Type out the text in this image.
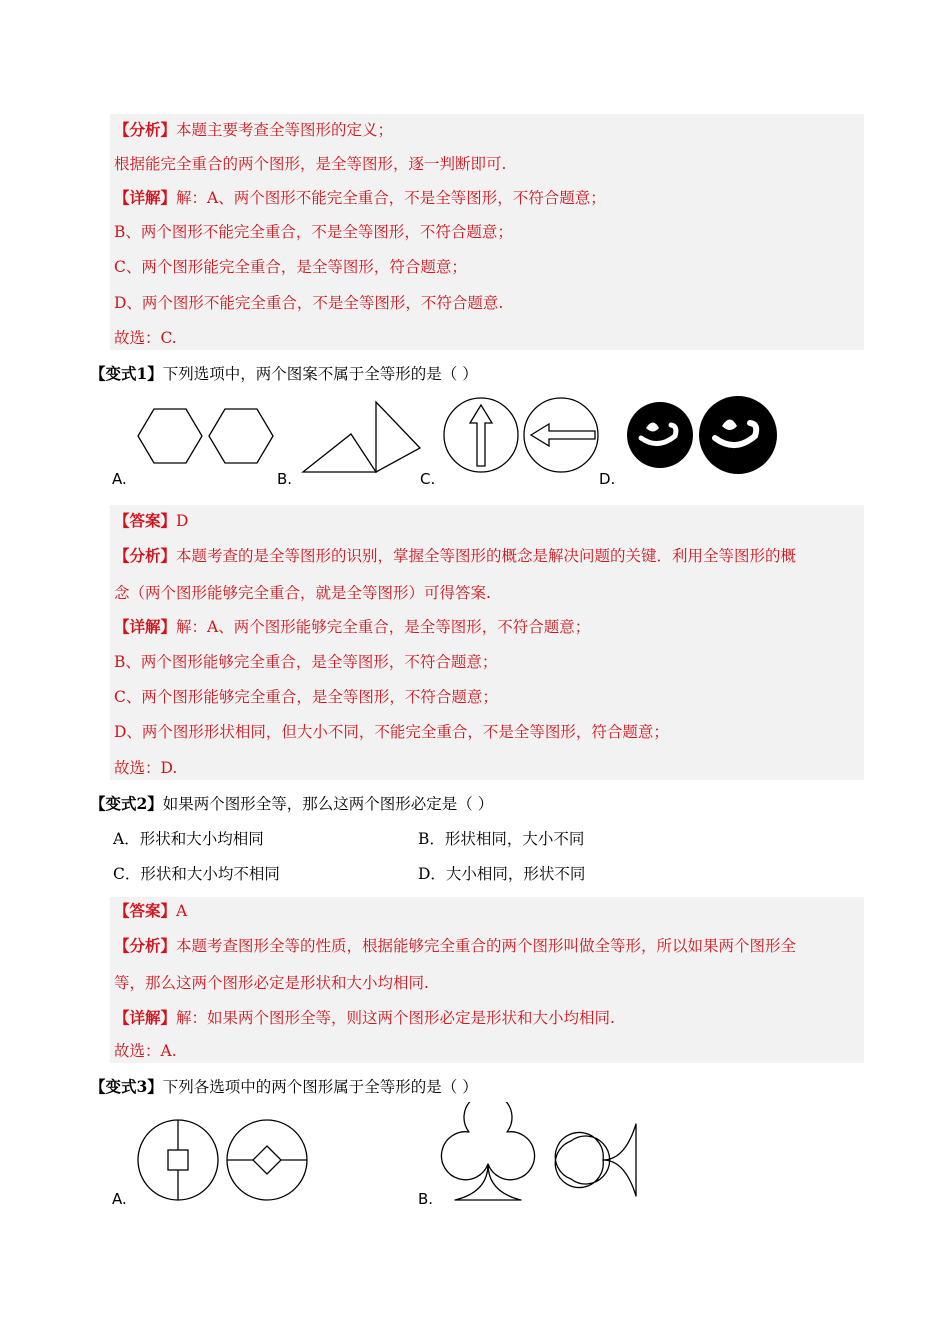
【分析】本题主要考查全等图形的定义；
根据能完全重合的两个图形，是全等图形，逐一判断即可.
【详解】解：A、两个图形不能完全重合，不是全等图形，不符合题意；
B、两个图形不能完全重合，不是全等图形，不符合题意；
C、两个图形能完全重合，是全等图形，符合题意；
D、两个图形不能完全重合，不是全等图形，不符合题意.
故选：C.
【变式1】下列选项中，两个图案不属于全等形的是（ ）
A.	B.	C.	D.
【答案】D
【分析】本题考查的是全等图形的识别，掌握全等图形的概念是解决问题的关键．利用全等图形的概
念（两个图形能够完全重合，就是全等图形）可得答案.
【详解】解：A、两个图形能够完全重合，是全等图形，不符合题意；
B、两个图形能够完全重合，是全等图形，不符合题意；
C、两个图形能够完全重合，是全等图形，不符合题意；
D、两个图形形状相同，但大小不同，不能完全重合，不是全等图形，符合题意；
故选：D.
【变式2】如果两个图形全等，那么这两个图形必定是（ ）
A．形状和大小均相同	B．形状相同，大小不同
C．形状和大小均不相同	D．大小相同，形状不同
【答案】A
【分析】本题考查图形全等的性质，根据能够完全重合的两个图形叫做全等形，所以如果两个图形全
等，那么这两个图形必定是形状和大小均相同.
【详解】解：如果两个图形全等，则这两个图形必定是形状和大小均相同.
故选：A.
【变式3】下列各选项中的两个图形属于全等形的是（ ）
A.	B.
